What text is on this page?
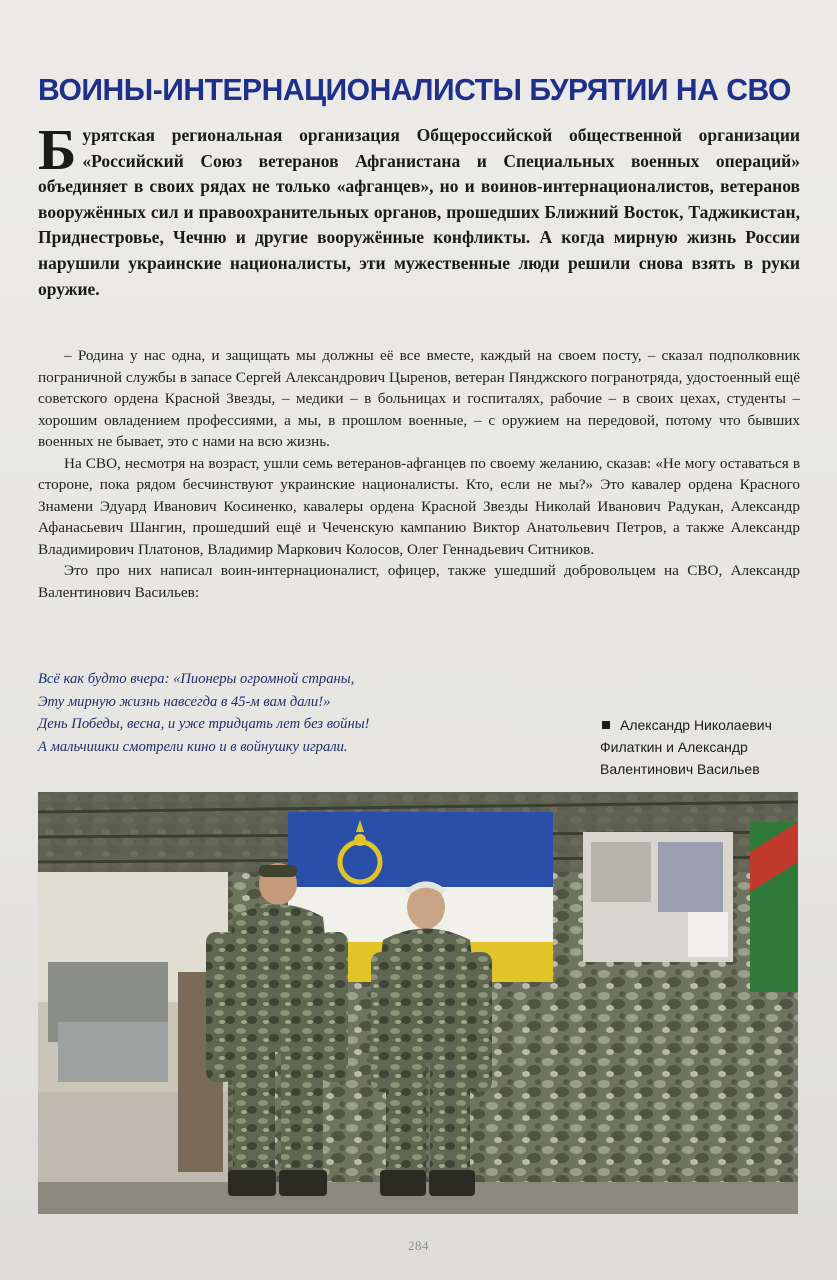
ВОИНЫ-ИНТЕРНАЦИОНАЛИСТЫ БУРЯТИИ НА СВО
Бурятская региональная организация Общероссийской общественной организации «Российский Союз ветеранов Афганистана и Специальных военных операций» объединяет в своих рядах не только «афганцев», но и воинов-интернационалистов, ветеранов вооружённых сил и правоохранительных органов, прошедших Ближний Восток, Таджикистан, Приднестровье, Чечню и другие вооружённые конфликты. А когда мирную жизнь России нарушили украинские националисты, эти мужественные люди решили снова взять в руки оружие.

– Родина у нас одна, и защищать мы должны её все вместе, каждый на своем посту, – сказал подполковник пограничной службы в запасе Сергей Александрович Цыренов, ветеран Пянджского погранотряда, удостоенный ещё советского ордена Красной Звезды, – медики – в больницах и госпиталях, рабочие – в своих цехах, студенты – хорошим овладением профессиями, а мы, в прошлом военные, – с оружием на передовой, потому что бывших военных не бывает, это с нами на всю жизнь.

На СВО, несмотря на возраст, ушли семь ветеранов-афганцев по своему желанию, сказав: «Не могу оставаться в стороне, пока рядом бесчинствуют украинские националисты. Кто, если не мы?» Это кавалер ордена Красного Знамени Эдуард Иванович Косиненко, кавалеры ордена Красной Звезды Николай Иванович Радукан, Александр Афанасьевич Шангин, прошедший ещё и Чеченскую кампанию Виктор Анатольевич Петров, а также Александр Владимирович Платонов, Владимир Маркович Колосов, Олег Геннадьевич Ситников.

Это про них написал воин-интернационалист, офицер, также ушедший добровольцем на СВО, Александр Валентинович Васильев:

Всё как будто вчера: «Пионеры огромной страны,
Эту мирную жизнь навсегда в 45-м вам дали!»
День Победы, весна, и уже тридцать лет без войны!
А мальчишки смотрели кино и в войнушку играли.
Александр Николаевич
Филаткин и Александр
Валентинович Васильев
284
